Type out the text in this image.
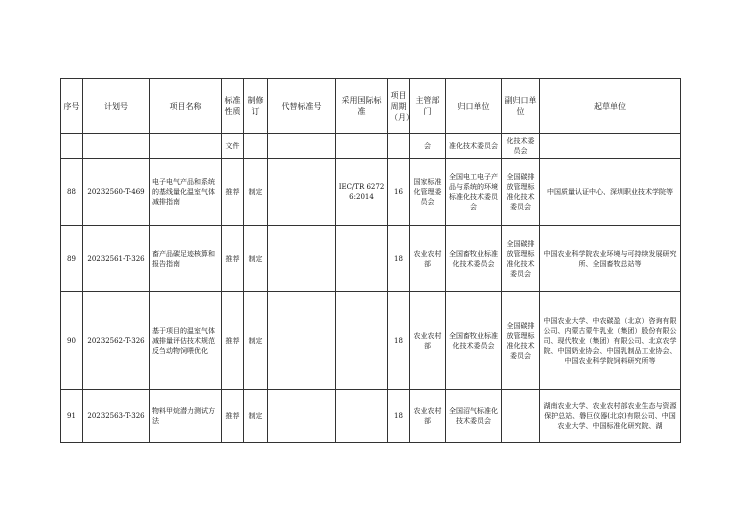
序号	计划号	项目名称	标准性质	制修订	代替标准号	采用国际标准	项目周期（月）	主管部门	归口单位	副归口单位	起草单位
			文件					会	准化技术委员会	化技术委员会	
88	20232560-T-469	电子电气产品和系统的基线量化温室气体减排指南	推荐	制定		IEC/TR 62726:2014	16	国家标准化管理委员会	全国电工电子产品与系统的环境标准化技术委员会	全国碳排放管理标准化技术委员会	中国质量认证中心、深圳职业技术学院等
89	20232561-T-326	畜产品碳足迹核算和报告指南	推荐	制定			18	农业农村部	全国畜牧业标准化技术委员会	全国碳排放管理标准化技术委员会	中国农业科学院农业环境与可持续发展研究所、全国畜牧总站等
90	20232562-T-326	基于项目的温室气体减排量评估技术规范 反刍动物饲喂优化	推荐	制定			18	农业农村部	全国畜牧业标准化技术委员会	全国碳排放管理标准化技术委员会	中国农业大学、中农碳盈（北京）咨询有限公司、内蒙古蒙牛乳业（集团）股份有限公司、现代牧业（集团）有限公司、北京农学院、中国奶业协会、中国乳制品工业协会、中国农业科学院饲料研究所等
91	20232563-T-326	物料甲烷潜力测试方法	推荐	制定			18	农业农村部	全国沼气标准化技术委员会		湖南农业大学、农业农村部农业生态与资源保护总站、磐巨仪器(北京)有限公司、中国农业大学、中国标准化研究院、湖
